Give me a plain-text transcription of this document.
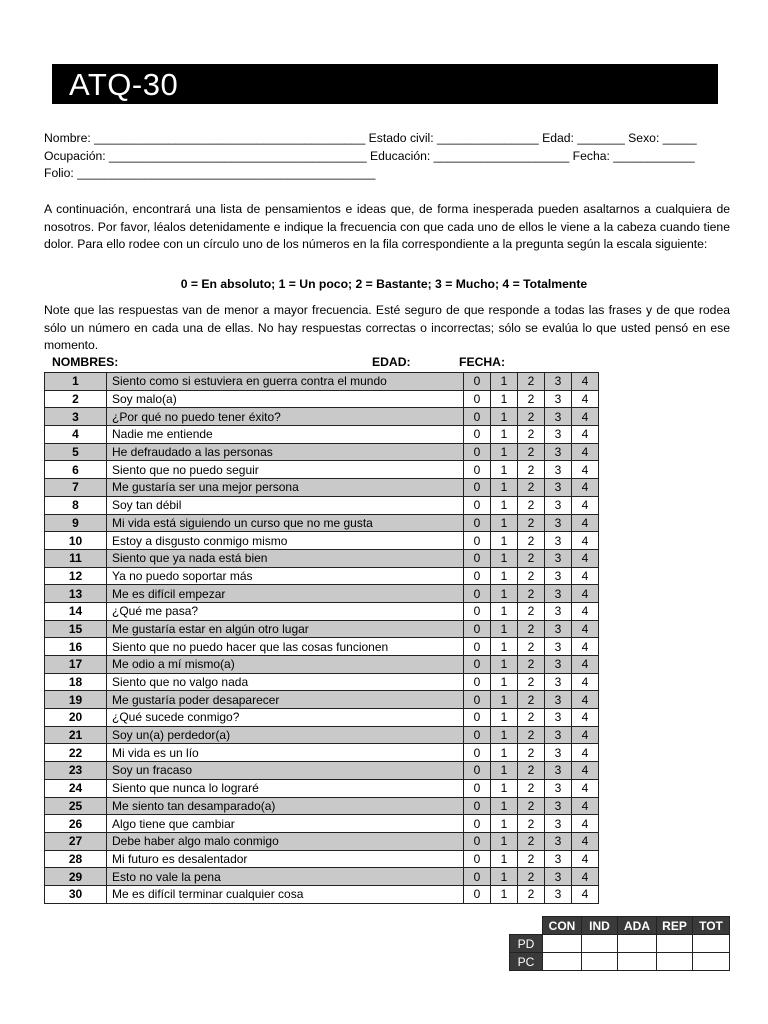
ATQ-30
Nombre: ________________________________________ Estado civil: _______________ Edad: _______ Sexo: _____
Ocupación: ______________________________________ Educación: ____________________ Fecha: ____________
Folio: ____________________________________________
A continuación, encontrará una lista de pensamientos e ideas que, de forma inesperada pueden asaltarnos a cualquiera de nosotros. Por favor, léalos detenidamente e indique la frecuencia con que cada uno de ellos le viene a la cabeza cuando tiene dolor. Para ello rodee con un círculo uno de los números en la fila correspondiente a la pregunta según la escala siguiente:
0 = En absoluto; 1 = Un poco; 2 = Bastante; 3 = Mucho; 4 = Totalmente
Note que las respuestas van de menor a mayor frecuencia. Esté seguro de que responde a todas las frases y de que rodea sólo un número en cada una de ellas. No hay respuestas correctas o incorrectas; sólo se evalúa lo que usted pensó en ese momento.
NOMBRES:	EDAD:	FECHA:
1	Siento como si estuviera en guerra contra el mundo	0	1	2	3	4
2	Soy malo(a)	0	1	2	3	4
3	¿Por qué no puedo tener éxito?	0	1	2	3	4
4	Nadie me entiende	0	1	2	3	4
5	He defraudado a las personas	0	1	2	3	4
6	Siento que no puedo seguir	0	1	2	3	4
7	Me gustaría ser una mejor persona	0	1	2	3	4
8	Soy tan débil	0	1	2	3	4
9	Mi vida está siguiendo un curso que no me gusta	0	1	2	3	4
10	Estoy a disgusto conmigo mismo	0	1	2	3	4
11	Siento que ya nada está bien	0	1	2	3	4
12	Ya no puedo soportar más	0	1	2	3	4
13	Me es difícil empezar	0	1	2	3	4
14	¿Qué me pasa?	0	1	2	3	4
15	Me gustaría estar en algún otro lugar	0	1	2	3	4
16	Siento que no puedo hacer que las cosas funcionen	0	1	2	3	4
17	Me odio a mí mismo(a)	0	1	2	3	4
18	Siento que no valgo nada	0	1	2	3	4
19	Me gustaría poder desaparecer	0	1	2	3	4
20	¿Qué sucede conmigo?	0	1	2	3	4
21	Soy un(a) perdedor(a)	0	1	2	3	4
22	Mi vida es un lío	0	1	2	3	4
23	Soy un fracaso	0	1	2	3	4
24	Siento que nunca lo lograré	0	1	2	3	4
25	Me siento tan desamparado(a)	0	1	2	3	4
26	Algo tiene que cambiar	0	1	2	3	4
27	Debe haber algo malo conmigo	0	1	2	3	4
28	Mi futuro es desalentador	0	1	2	3	4
29	Esto no vale la pena	0	1	2	3	4
30	Me es difícil terminar cualquier cosa	0	1	2	3	4
	CON	IND	ADA	REP	TOT
PD					
PC					
